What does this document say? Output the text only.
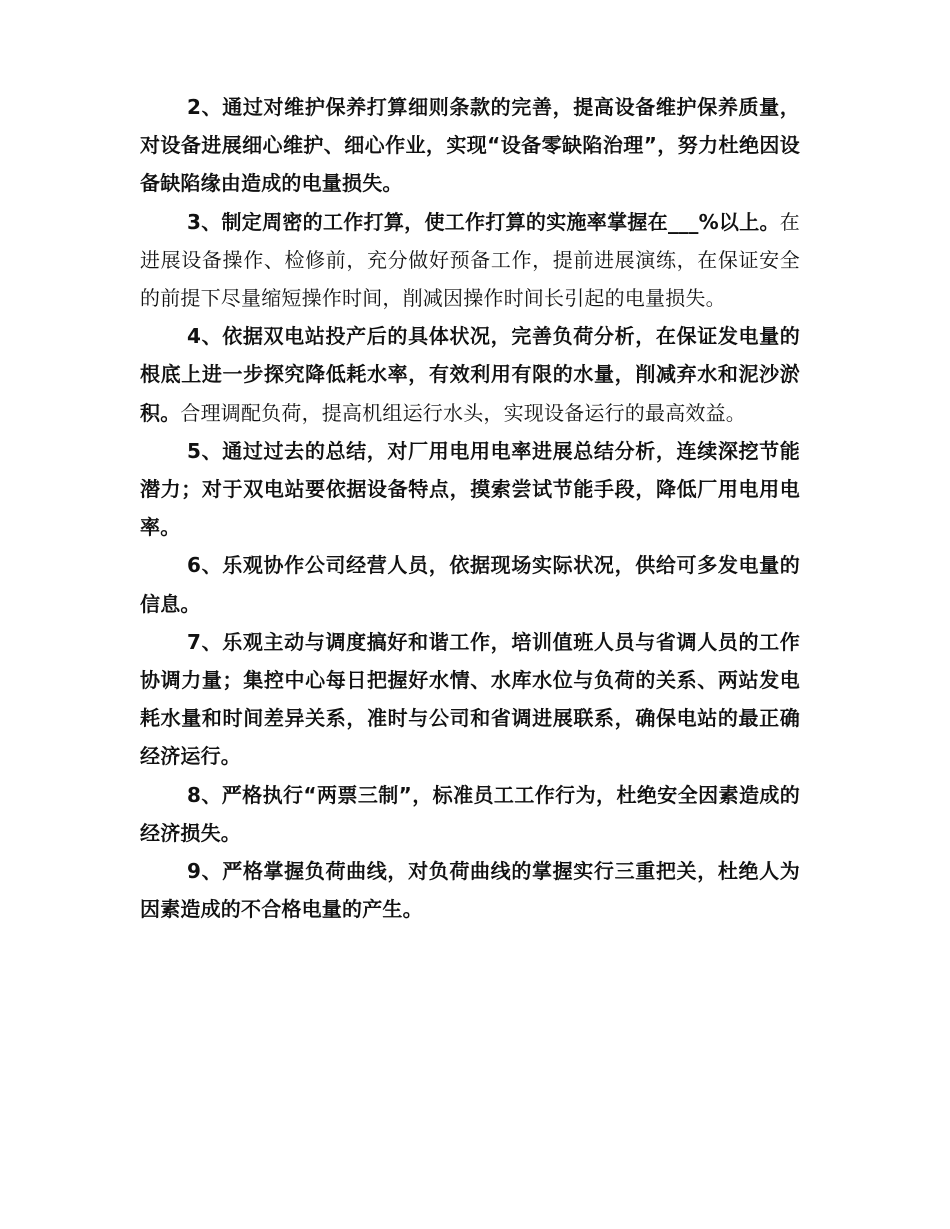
2、通过对维护保养打算细则条款的完善，提高设备维护保养质量，对设备进展细心维护、细心作业，实现“设备零缺陷治理”，努力杜绝因设备缺陷缘由造成的电量损失。

3、制定周密的工作打算，使工作打算的实施率掌握在___%以上。在进展设备操作、检修前，充分做好预备工作，提前进展演练，在保证安全的前提下尽量缩短操作时间，削减因操作时间长引起的电量损失。

4、依据双电站投产后的具体状况，完善负荷分析，在保证发电量的根底上进一步探究降低耗水率，有效利用有限的水量，削减弃水和泥沙淤积。合理调配负荷，提高机组运行水头，实现设备运行的最高效益。

5、通过过去的总结，对厂用电用电率进展总结分析，连续深挖节能潜力；对于双电站要依据设备特点，摸索尝试节能手段，降低厂用电用电率。

6、乐观协作公司经营人员，依据现场实际状况，供给可多发电量的信息。

7、乐观主动与调度搞好和谐工作，培训值班人员与省调人员的工作协调力量；集控中心每日把握好水情、水库水位与负荷的关系、两站发电耗水量和时间差异关系，准时与公司和省调进展联系，确保电站的最正确经济运行。

8、严格执行“两票三制”，标准员工工作行为，杜绝安全因素造成的经济损失。

9、严格掌握负荷曲线，对负荷曲线的掌握实行三重把关，杜绝人为因素造成的不合格电量的产生。
